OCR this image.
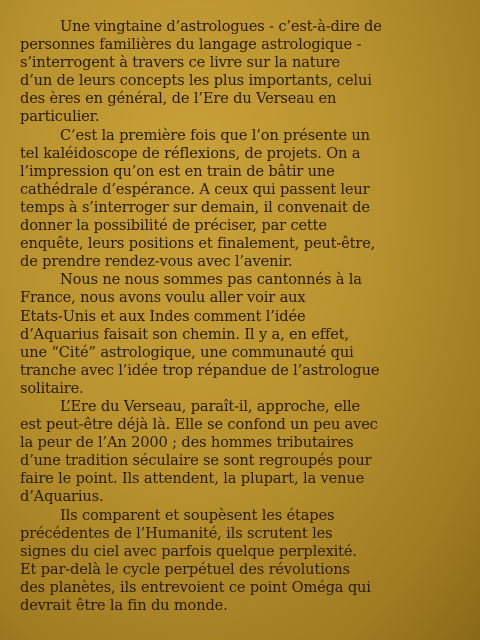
Une vingtaine d’astrologues - c’est-à-dire de
personnes familières du langage astrologique -
s’interrogent à travers ce livre sur la nature
d’un de leurs concepts les plus importants, celui
des ères en général, de l’Ere du Verseau en
particulier.

C’est la première fois que l’on présente un
tel kaléidoscope de réflexions, de projets. On a
l’impression qu’on est en train de bâtir une
cathédrale d’espérance. A ceux qui passent leur
temps à s’interroger sur demain, il convenait de
donner la possibilité de préciser, par cette
enquête, leurs positions et finalement, peut-être,
de prendre rendez-vous avec l’avenir.

Nous ne nous sommes pas cantonnés à la
France, nous avons voulu aller voir aux
Etats-Unis et aux Indes comment l’idée
d’Aquarius faisait son chemin. Il y a, en effet,
une “Cité” astrologique, une communauté qui
tranche avec l’idée trop répandue de l’astrologue
solitaire.

L’Ere du Verseau, paraît-il, approche, elle
est peut-être déjà là. Elle se confond un peu avec
la peur de l’An 2000 ; des hommes tributaires
d’une tradition séculaire se sont regroupés pour
faire le point. Ils attendent, la plupart, la venue
d’Aquarius.

Ils comparent et soupèsent les étapes
précédentes de l’Humanité, ils scrutent les
signes du ciel avec parfois quelque perplexité.
Et par-delà le cycle perpétuel des révolutions
des planètes, ils entrevoient ce point Oméga qui
devrait être la fin du monde.
